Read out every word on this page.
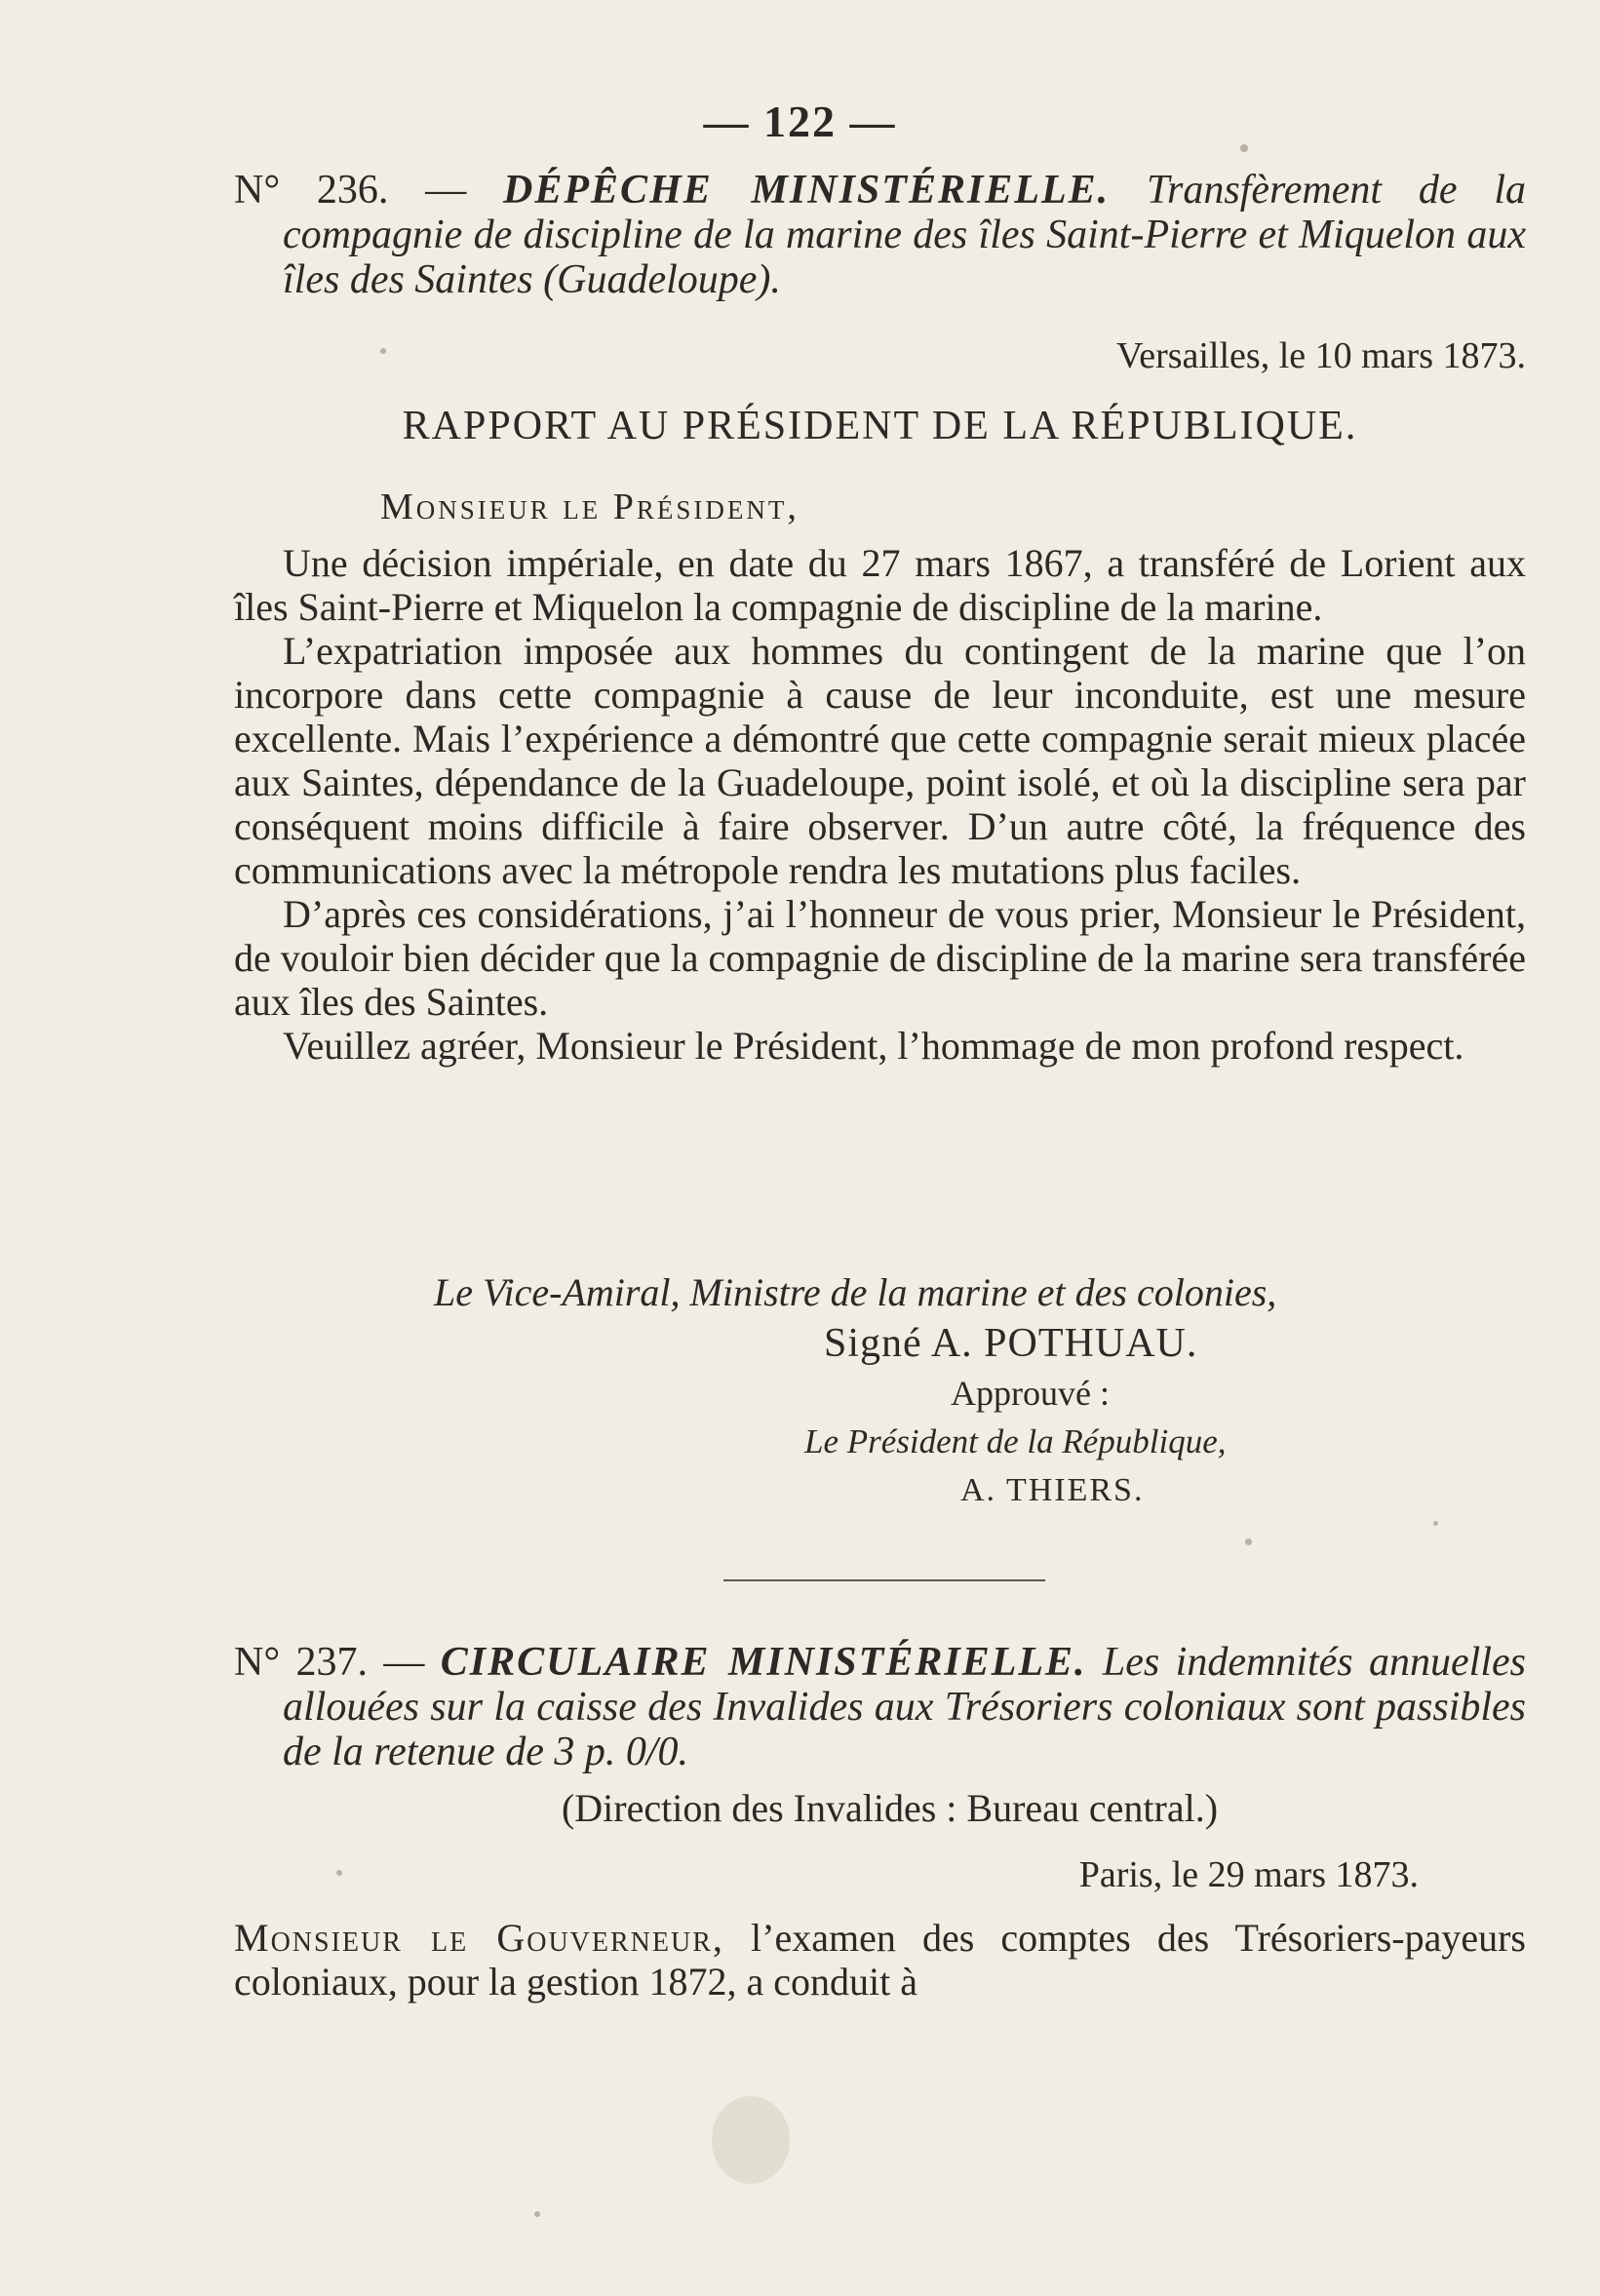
— 122 —
N° 236. — DÉPÊCHE MINISTÉRIELLE. Transfèrement de la compagnie de discipline de la marine des îles Saint-Pierre et Miquelon aux îles des Saintes (Guadeloupe).
Versailles, le 10 mars 1873.
RAPPORT AU PRÉSIDENT DE LA RÉPUBLIQUE.
Monsieur le Président,

Une décision impériale, en date du 27 mars 1867, a transféré de Lorient aux îles Saint-Pierre et Miquelon la compagnie de discipline de la marine.

L’expatriation imposée aux hommes du contingent de la marine que l’on incorpore dans cette compagnie à cause de leur inconduite, est une mesure excellente. Mais l’expérience a démontré que cette compagnie serait mieux placée aux Saintes, dépendance de la Guadeloupe, point isolé, et où la discipline sera par conséquent moins difficile à faire observer. D’un autre côté, la fréquence des communications avec la métropole rendra les mutations plus faciles.

D’après ces considérations, j’ai l’honneur de vous prier, Monsieur le Président, de vouloir bien décider que la compagnie de discipline de la marine sera transférée aux îles des Saintes.

Veuillez agréer, Monsieur le Président, l’hommage de mon profond respect.

Le Vice-Amiral, Ministre de la marine et des colonies,
Signé A. POTHUAU.
Approuvé :
Le Président de la République,
A. THIERS.
N° 237. — CIRCULAIRE MINISTÉRIELLE. Les indemnités annuelles allouées sur la caisse des Invalides aux Trésoriers coloniaux sont passibles de la retenue de 3 p. 0/0.
(Direction des Invalides : Bureau central.)
Paris, le 29 mars 1873.

Monsieur le Gouverneur, l’examen des comptes des Trésoriers-payeurs coloniaux, pour la gestion 1872, a conduit à
